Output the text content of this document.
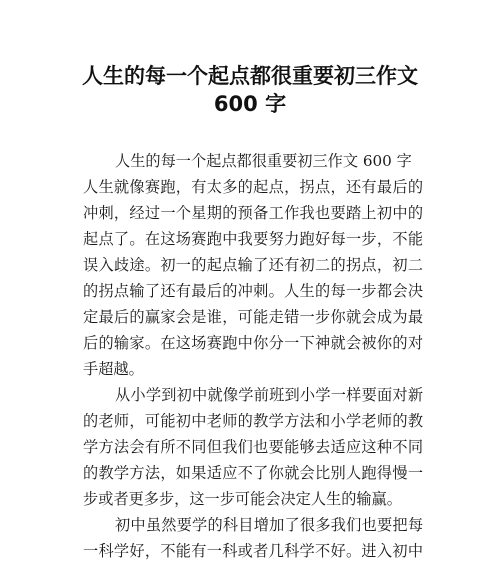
人生的每一个起点都很重要初三作文
600 字
人生的每一个起点都很重要初三作文 600 字
人生就像赛跑，有太多的起点，拐点，还有最后的
冲刺，经过一个星期的预备工作我也要踏上初中的
起点了。在这场赛跑中我要努力跑好每一步，不能
误入歧途。初一的起点输了还有初二的拐点，初二
的拐点输了还有最后的冲刺。人生的每一步都会决
定最后的赢家会是谁，可能走错一步你就会成为最
后的输家。在这场赛跑中你分一下神就会被你的对
手超越。
从小学到初中就像学前班到小学一样要面对新
的老师，可能初中老师的教学方法和小学老师的教
学方法会有所不同但我们也要能够去适应这种不同
的教学方法，如果适应不了你就会比别人跑得慢一
步或者更多步，这一步可能会决定人生的输赢。
初中虽然要学的科目增加了很多我们也要把每
一科学好，不能有一科或者几科学不好。进入初中
